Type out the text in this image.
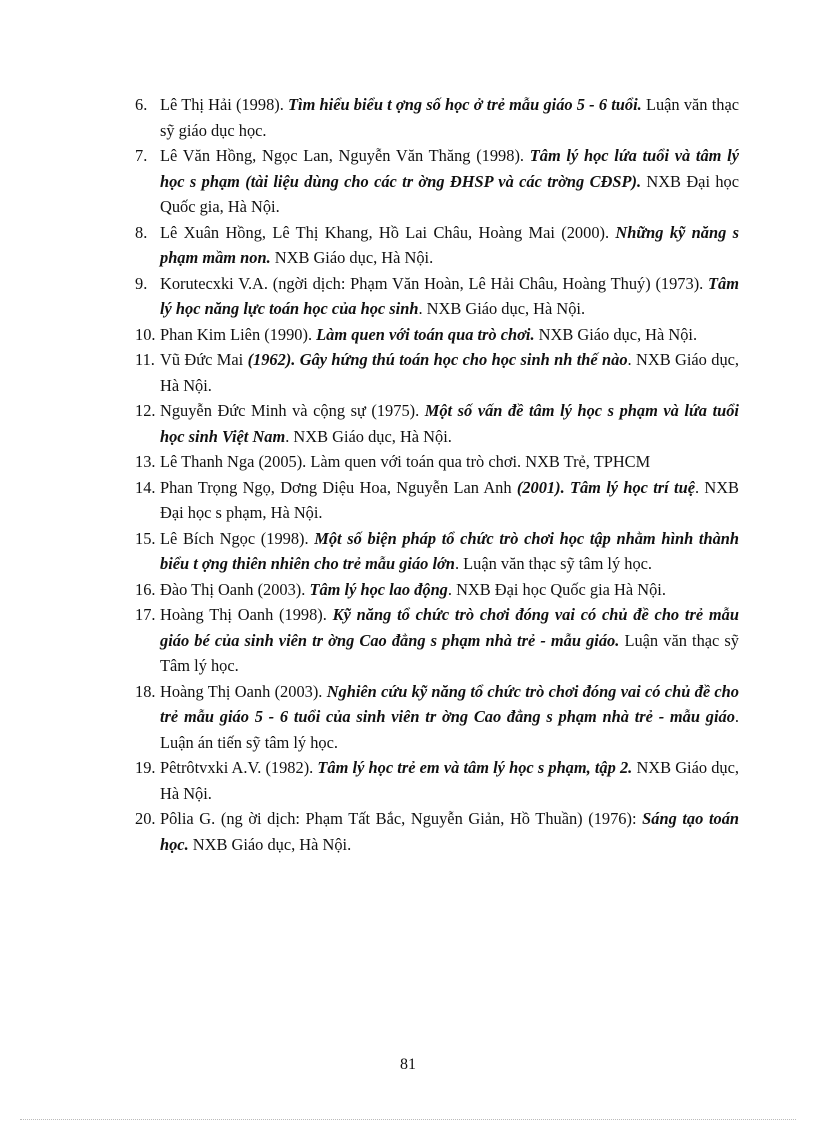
6. Lê Thị Hải (1998). Tìm hiểu biểu t ợng số học ở trẻ mẫu giáo 5 - 6 tuổi. Luận văn thạc sỹ giáo dục học.
7. Lê Văn Hồng, Ngọc Lan, Nguyễn Văn Thăng (1998). Tâm lý học lứa tuổi và tâm lý học s phạm (tài liệu dùng cho các tr ờng ĐHSP và các trờng CĐSP). NXB Đại học Quốc gia, Hà Nội.
8. Lê Xuân Hồng, Lê Thị Khang, Hồ Lai Châu, Hoàng Mai (2000). Những kỹ năng s phạm mầm non. NXB Giáo dục, Hà Nội.
9. Korutecxki V.A. (ngời dịch: Phạm Văn Hoàn, Lê Hải Châu, Hoàng Thuý) (1973). Tâm lý học năng lực toán học của học sinh. NXB Giáo dục, Hà Nội.
10. Phan Kim Liên (1990). Làm quen với toán qua trò chơi. NXB Giáo dục, Hà Nội.
11. Vũ Đức Mai (1962). Gây hứng thú toán học cho học sinh nh thế nào. NXB Giáo dục, Hà Nội.
12. Nguyễn Đức Minh và cộng sự (1975). Một số vấn đề tâm lý học s phạm và lứa tuổi học sinh Việt Nam. NXB Giáo dục, Hà Nội.
13. Lê Thanh Nga (2005). Làm quen với toán qua trò chơi. NXB Trẻ, TPHCM
14. Phan Trọng Ngọ, Dơng Diệu Hoa, Nguyễn Lan Anh (2001). Tâm lý học trí tuệ. NXB Đại học s phạm, Hà Nội.
15. Lê Bích Ngọc (1998). Một số biện pháp tổ chức trò chơi học tập nhằm hình thành biểu t ợng thiên nhiên cho trẻ mẫu giáo lớn. Luận văn thạc sỹ tâm lý học.
16. Đào Thị Oanh (2003). Tâm lý học lao động. NXB Đại học Quốc gia Hà Nội.
17. Hoàng Thị Oanh (1998). Kỹ năng tổ chức trò chơi đóng vai có chủ đề cho trẻ mẫu giáo bé của sinh viên tr ờng Cao đẳng s phạm nhà trẻ - mẫu giáo. Luận văn thạc sỹ Tâm lý học.
18. Hoàng Thị Oanh (2003). Nghiên cứu kỹ năng tổ chức trò chơi đóng vai có chủ đề cho trẻ mẫu giáo 5 - 6 tuổi của sinh viên tr ờng Cao đẳng s phạm nhà trẻ - mẫu giáo. Luận án tiến sỹ tâm lý học.
19. Pêtrôtvxki A.V. (1982). Tâm lý học trẻ em và tâm lý học s phạm, tập 2. NXB Giáo dục, Hà Nội.
20. Pôlia G. (ng ời dịch: Phạm Tất Bắc, Nguyễn Giản, Hồ Thuần) (1976): Sáng tạo toán học. NXB Giáo dục, Hà Nội.
81
